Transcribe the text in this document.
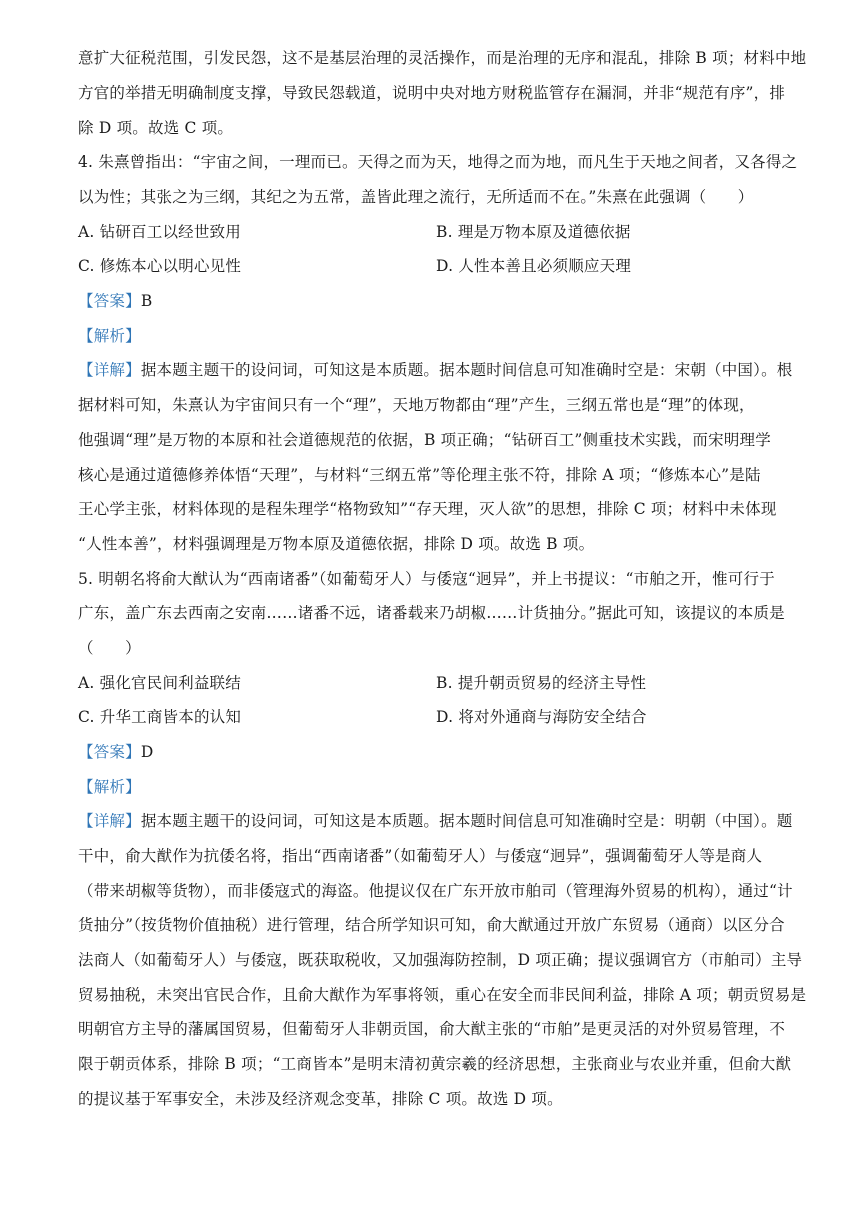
意扩大征税范围，引发民怨，这不是基层治理的灵活操作，而是治理的无序和混乱，排除 B 项；材料中地
方官的举措无明确制度支撑，导致民怨载道，说明中央对地方财税监管存在漏洞，并非“规范有序”，排
除 D 项。故选 C 项。
4. 朱熹曾指出：“宇宙之间，一理而已。天得之而为天，地得之而为地，而凡生于天地之间者，又各得之
以为性；其张之为三纲，其纪之为五常，盖皆此理之流行，无所适而不在。”朱熹在此强调（　　）
A. 钻研百工以经世致用	B. 理是万物本原及道德依据
C. 修炼本心以明心见性	D. 人性本善且必须顺应天理
【答案】B
【解析】
【详解】据本题主题干的设问词，可知这是本质题。据本题时间信息可知准确时空是：宋朝（中国）。根
据材料可知，朱熹认为宇宙间只有一个“理”，天地万物都由“理”产生，三纲五常也是“理”的体现，
他强调“理”是万物的本原和社会道德规范的依据，B 项正确；“钻研百工”侧重技术实践，而宋明理学
核心是通过道德修养体悟“天理”，与材料“三纲五常”等伦理主张不符，排除 A 项；“修炼本心”是陆
王心学主张，材料体现的是程朱理学“格物致知”“存天理，灭人欲”的思想，排除 C 项；材料中未体现
“人性本善”，材料强调理是万物本原及道德依据，排除 D 项。故选 B 项。
5. 明朝名将俞大猷认为“西南诸番”（如葡萄牙人）与倭寇“迥异”，并上书提议：“市舶之开，惟可行于
广东，盖广东去西南之安南……诸番不远，诸番载来乃胡椒……计货抽分。”据此可知，该提议的本质是
（　　）
A. 强化官民间利益联结	B. 提升朝贡贸易的经济主导性
C. 升华工商皆本的认知	D. 将对外通商与海防安全结合
【答案】D
【解析】
【详解】据本题主题干的设问词，可知这是本质题。据本题时间信息可知准确时空是：明朝（中国）。题
干中，俞大猷作为抗倭名将，指出“西南诸番”（如葡萄牙人）与倭寇“迥异”，强调葡萄牙人等是商人
（带来胡椒等货物），而非倭寇式的海盗。他提议仅在广东开放市舶司（管理海外贸易的机构），通过“计
货抽分”（按货物价值抽税）进行管理，结合所学知识可知，俞大猷通过开放广东贸易（通商）以区分合
法商人（如葡萄牙人）与倭寇，既获取税收，又加强海防控制，D 项正确；提议强调官方（市舶司）主导
贸易抽税，未突出官民合作，且俞大猷作为军事将领，重心在安全而非民间利益，排除 A 项；朝贡贸易是
明朝官方主导的藩属国贸易，但葡萄牙人非朝贡国，俞大猷主张的“市舶”是更灵活的对外贸易管理，不
限于朝贡体系，排除 B 项；“工商皆本”是明末清初黄宗羲的经济思想，主张商业与农业并重，但俞大猷
的提议基于军事安全，未涉及经济观念变革，排除 C 项。故选 D 项。
